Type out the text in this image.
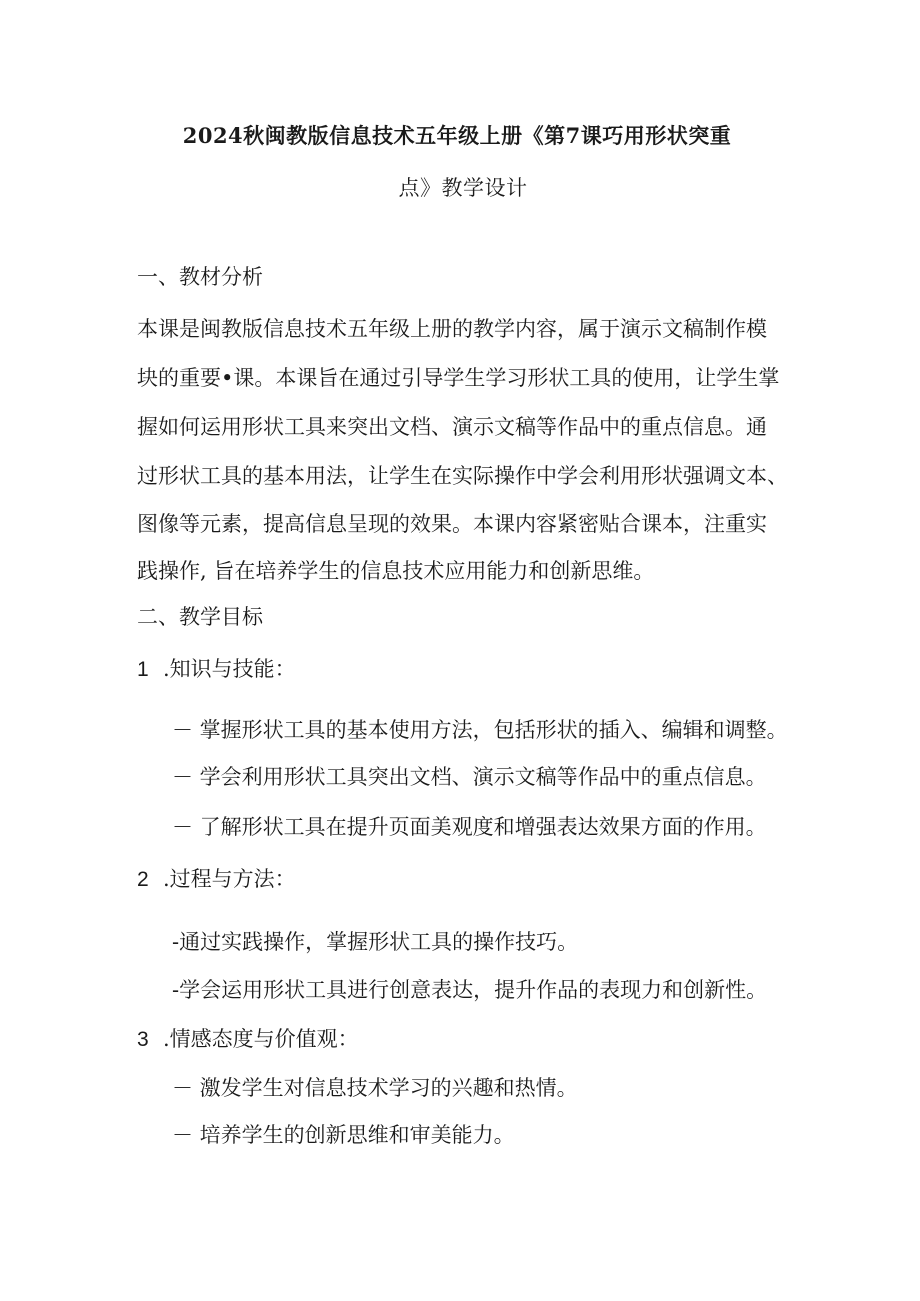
2024秋闽教版信息技术五年级上册《第7课巧用形状突重
点》教学设计
一、教材分析
本课是闽教版信息技术五年级上册的教学内容，属于演示文稿制作模
块的重要•课。本课旨在通过引导学生学习形状工具的使用，让学生掌
握如何运用形状工具来突出文档、演示文稿等作品中的重点信息。通
过形状工具的基本用法，让学生在实际操作中学会利用形状强调文本、
图像等元素，提高信息呈现的效果。本课内容紧密贴合课本，注重实
践操作, 旨在培养学生的信息技术应用能力和创新思维。
二、教学目标
1 .知识与技能：
－ 掌握形状工具的基本使用方法，包括形状的插入、编辑和调整。
－ 学会利用形状工具突出文档、演示文稿等作品中的重点信息。
－ 了解形状工具在提升页面美观度和增强表达效果方面的作用。
2 .过程与方法：
-通过实践操作，掌握形状工具的操作技巧。
-学会运用形状工具进行创意表达，提升作品的表现力和创新性。
3 .情感态度与价值观：
－ 激发学生对信息技术学习的兴趣和热情。
－ 培养学生的创新思维和审美能力。
